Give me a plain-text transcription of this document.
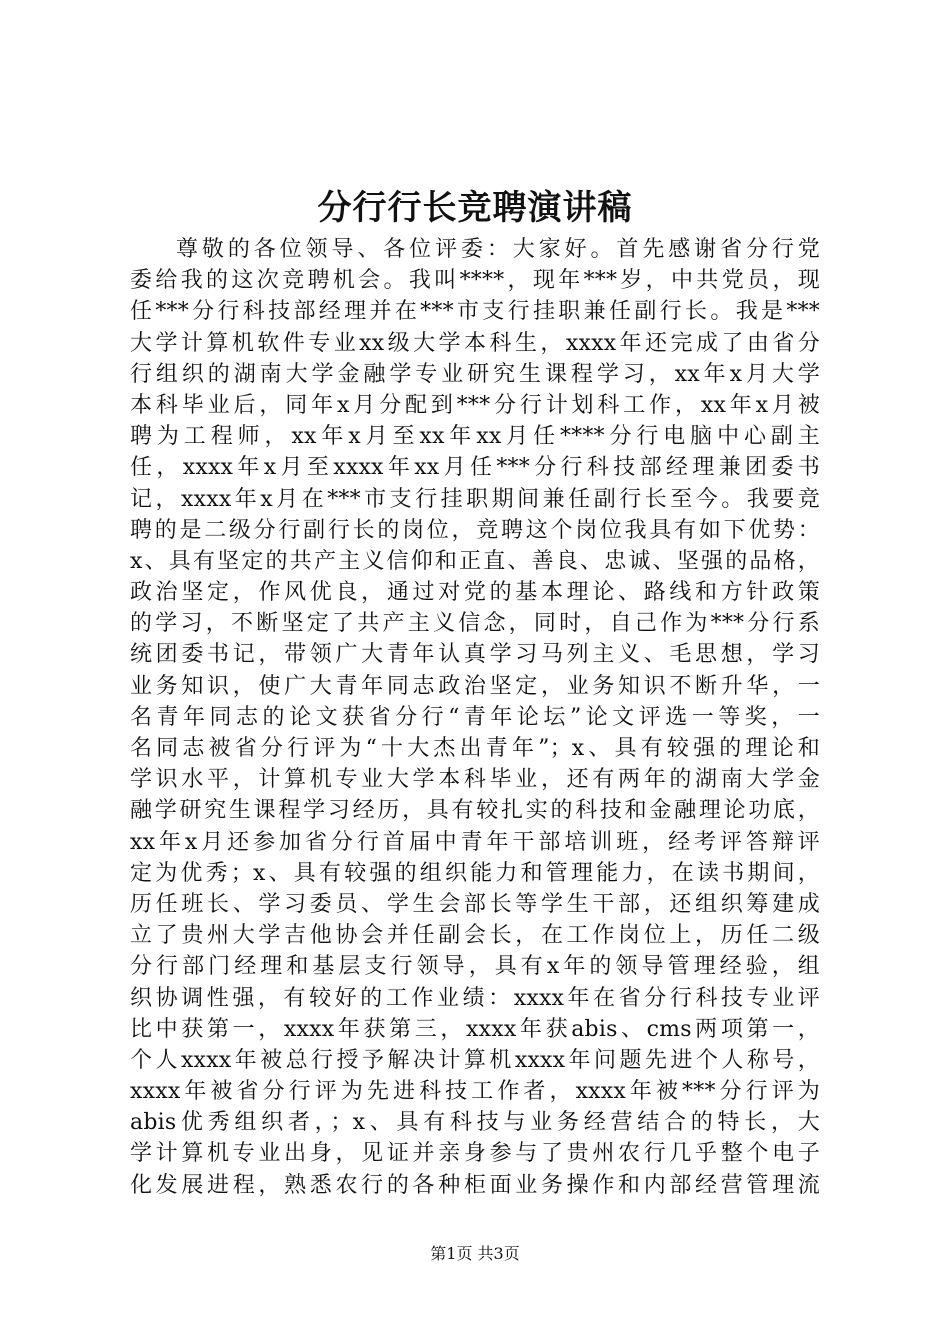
分行行长竞聘演讲稿
尊敬的各位领导、各位评委：大家好。首先感谢省分行党
委给我的这次竞聘机会。我叫****，现年***岁，中共党员，现
任***分行科技部经理并在***市支行挂职兼任副行长。我是***
大学计算机软件专业xx级大学本科生，xxxx年还完成了由省分
行组织的湖南大学金融学专业研究生课程学习，xx年x月大学
本科毕业后，同年x月分配到***分行计划科工作，xx年x月被
聘为工程师，xx年x月至xx年xx月任****分行电脑中心副主
任，xxxx年x月至xxxx年xx月任***分行科技部经理兼团委书
记，xxxx年x月在***市支行挂职期间兼任副行长至今。我要竞
聘的是二级分行副行长的岗位，竞聘这个岗位我具有如下优势：
x、具有坚定的共产主义信仰和正直、善良、忠诚、坚强的品格，
政治坚定，作风优良，通过对党的基本理论、路线和方针政策
的学习，不断坚定了共产主义信念，同时，自己作为***分行系
统团委书记，带领广大青年认真学习马列主义、毛思想，学习
业务知识，使广大青年同志政治坚定，业务知识不断升华，一
名青年同志的论文获省分行“青年论坛”论文评选一等奖，一
名同志被省分行评为“十大杰出青年”；x、具有较强的理论和
学识水平，计算机专业大学本科毕业，还有两年的湖南大学金
融学研究生课程学习经历，具有较扎实的科技和金融理论功底，
xx年x月还参加省分行首届中青年干部培训班，经考评答辩评
定为优秀；x、具有较强的组织能力和管理能力，在读书期间，
历任班长、学习委员、学生会部长等学生干部，还组织筹建成
立了贵州大学吉他协会并任副会长，在工作岗位上，历任二级
分行部门经理和基层支行领导，具有x年的领导管理经验，组
织协调性强，有较好的工作业绩：xxxx年在省分行科技专业评
比中获第一，xxxx年获第三，xxxx年获abis、cms两项第一，
个人xxxx年被总行授予解决计算机xxxx年问题先进个人称号，
xxxx年被省分行评为先进科技工作者，xxxx年被***分行评为
abis优秀组织者，；x、具有科技与业务经营结合的特长，大
学计算机专业出身，见证并亲身参与了贵州农行几乎整个电子
化发展进程，熟悉农行的各种柜面业务操作和内部经营管理流
第1页 共3页
